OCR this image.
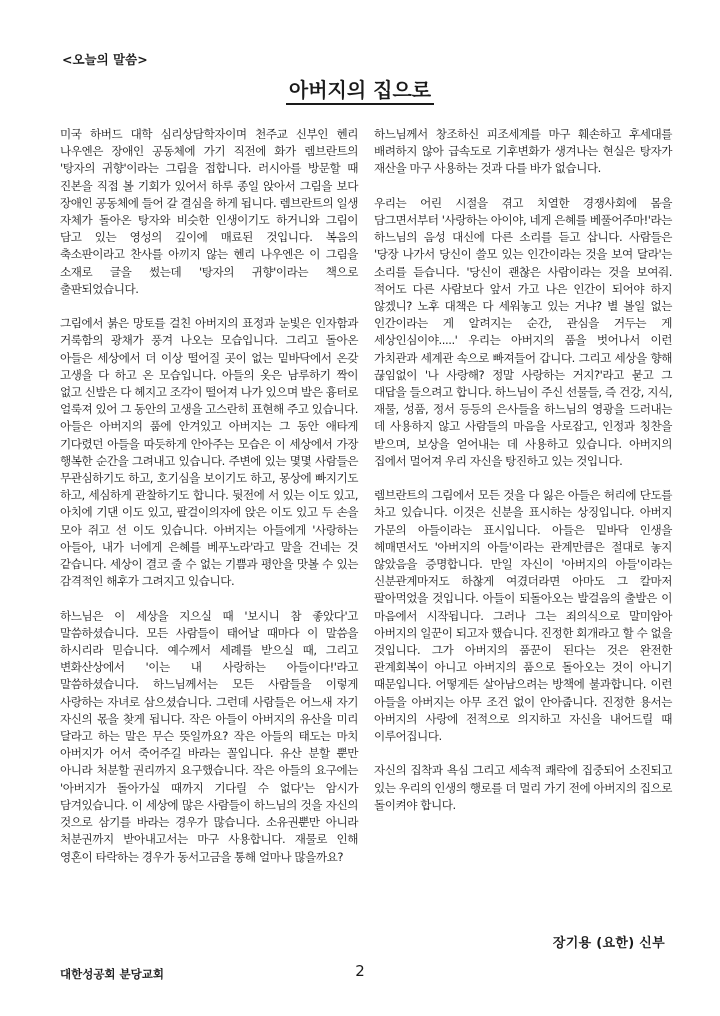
<오늘의 말씀>
아버지의 집으로

미국 하버드 대학 심리상담학자이며 천주교 신부인 헨리 나우엔은 장애인 공동체에 가기 직전에 화가 렘브란트의 '탕자의 귀향'이라는 그림을 접합니다. 러시아를 방문할 때 진본을 직접 볼 기회가 있어서 하루 종일 앉아서 그림을 보다 장애인 공동체에 들어 갈 결심을 하게 됩니다. 렘브란트의 일생 자체가 돌아온 탕자와 비슷한 인생이기도 하거니와 그림이 담고 있는 영성의 깊이에 매료된 것입니다. 복음의 축소판이라고 찬사를 아끼지 않는 헨리 나우엔은 이 그림을 소재로 글을 썼는데 '탕자의 귀향'이라는 책으로 출판되었습니다.

그림에서 붉은 망토를 걸친 아버지의 표정과 눈빛은 인자함과 거룩함의 광채가 풍겨 나오는 모습입니다. 그리고 돌아온 아들은 세상에서 더 이상 떨어질 곳이 없는 밑바닥에서 온갖 고생을 다 하고 온 모습입니다. 아들의 옷은 남루하기 짝이 없고 신발은 다 헤지고 조각이 떨어져 나가 있으며 발은 흉터로 얼룩져 있어 그 동안의 고생을 고스란히 표현해 주고 있습니다. 아들은 아버지의 품에 안겨있고 아버지는 그 동안 애타게 기다렸던 아들을 따듯하게 안아주는 모습은 이 세상에서 가장 행복한 순간을 그려내고 있습니다. 주변에 있는 몇몇 사람들은 무관심하기도 하고, 호기심을 보이기도 하고, 몽상에 빠지기도 하고, 세심하게 관찰하기도 합니다. 뒷전에 서 있는 이도 있고, 아치에 기댄 이도 있고, 팔걸이의자에 앉은 이도 있고 두 손을 모아 쥐고 선 이도 있습니다. 아버지는 아들에게 '사랑하는 아들아, 내가 너에게 은혜를 베푸노라'라고 말을 건네는 것 같습니다. 세상이 결코 줄 수 없는 기쁨과 평안을 맛볼 수 있는 감격적인 해후가 그려지고 있습니다.

하느님은 이 세상을 지으실 때 '보시니 참 좋았다'고 말씀하셨습니다. 모든 사람들이 태어날 때마다 이 말씀을 하시리라 믿습니다. 예수께서 세례를 받으실 때, 그리고 변화산상에서 '이는 내 사랑하는 아들이다!'라고 말씀하셨습니다. 하느님께서는 모든 사람들을 이렇게 사랑하는 자녀로 삼으셨습니다. 그런데 사람들은 어느새 자기 자신의 몫을 찾게 됩니다. 작은 아들이 아버지의 유산을 미리 달라고 하는 말은 무슨 뜻일까요? 작은 아들의 태도는 마치 아버지가 어서 죽어주길 바라는 꼴입니다. 유산 분할 뿐만 아니라 처분할 권리까지 요구했습니다. 작은 아들의 요구에는 '아버지가 돌아가실 때까지 기다릴 수 없다'는 암시가 담겨있습니다. 이 세상에 많은 사람들이 하느님의 것을 자신의 것으로 삼기를 바라는 경우가 많습니다. 소유권뿐만 아니라 처분권까지 받아내고서는 마구 사용합니다. 재물로 인해 영혼이 타락하는 경우가 동서고금을 통해 얼마나 많을까요?

하느님께서 창조하신 피조세계를 마구 훼손하고 후세대를 배려하지 않아 급속도로 기후변화가 생겨나는 현실은 탕자가 재산을 마구 사용하는 것과 다를 바가 없습니다.

우리는 어린 시절을 겪고 치열한 경쟁사회에 몸을 담그면서부터 '사랑하는 아이야, 네게 은혜를 베풀어주마!'라는 하느님의 음성 대신에 다른 소리를 듣고 삽니다. 사람들은 '당장 나가서 당신이 쓸모 있는 인간이라는 것을 보여 달라'는 소리를 듣습니다. '당신이 괜찮은 사람이라는 것을 보여줘. 적어도 다른 사람보다 앞서 가고 나은 인간이 되어야 하지 않겠니? 노후 대책은 다 세워놓고 있는 거냐? 별 볼일 없는 인간이라는 게 알려지는 순간, 관심을 거두는 게 세상인심이야.....' 우리는 아버지의 품을 벗어나서 이런 가치관과 세계관 속으로 빠져들어 갑니다. 그리고 세상을 향해 끊임없이 '나 사랑해? 정말 사랑하는 거지?'라고 묻고 그 대답을 들으려고 합니다. 하느님이 주신 선물들, 즉 건강, 지식, 재물, 성품, 정서 등등의 은사들을 하느님의 영광을 드러내는 데 사용하지 않고 사람들의 마음을 사로잡고, 인정과 칭찬을 받으며, 보상을 얻어내는 데 사용하고 있습니다. 아버지의 집에서 멀어져 우리 자신을 탕진하고 있는 것입니다.

렘브란트의 그림에서 모든 것을 다 잃은 아들은 허리에 단도를 차고 있습니다. 이것은 신분을 표시하는 상징입니다. 아버지 가문의 아들이라는 표시입니다. 아들은 밑바닥 인생을 헤매면서도 '아버지의 아들'이라는 관계만큼은 절대로 놓지 않았음을 증명합니다. 만일 자신이 '아버지의 아들'이라는 신분관계마저도 하찮게 여겼더라면 아마도 그 칼마저 팔아먹었을 것입니다. 아들이 되돌아오는 발걸음의 출발은 이 마음에서 시작됩니다. 그러나 그는 죄의식으로 말미암아 아버지의 일꾼이 되고자 했습니다. 진정한 회개라고 할 수 없을 것입니다. 그가 아버지의 품꾼이 된다는 것은 완전한 관계회복이 아니고 아버지의 품으로 돌아오는 것이 아니기 때문입니다. 어떻게든 살아남으려는 방책에 불과합니다. 이런 아들을 아버지는 아무 조건 없이 안아줍니다. 진정한 용서는 아버지의 사랑에 전적으로 의지하고 자신을 내어드릴 때 이루어집니다.

자신의 집착과 욕심 그리고 세속적 쾌락에 집중되어 소진되고 있는 우리의 인생의 행로를 더 멀리 가기 전에 아버지의 집으로 돌이켜야 합니다.

장기용 (요한) 신부
대한성공회 분당교회	2
